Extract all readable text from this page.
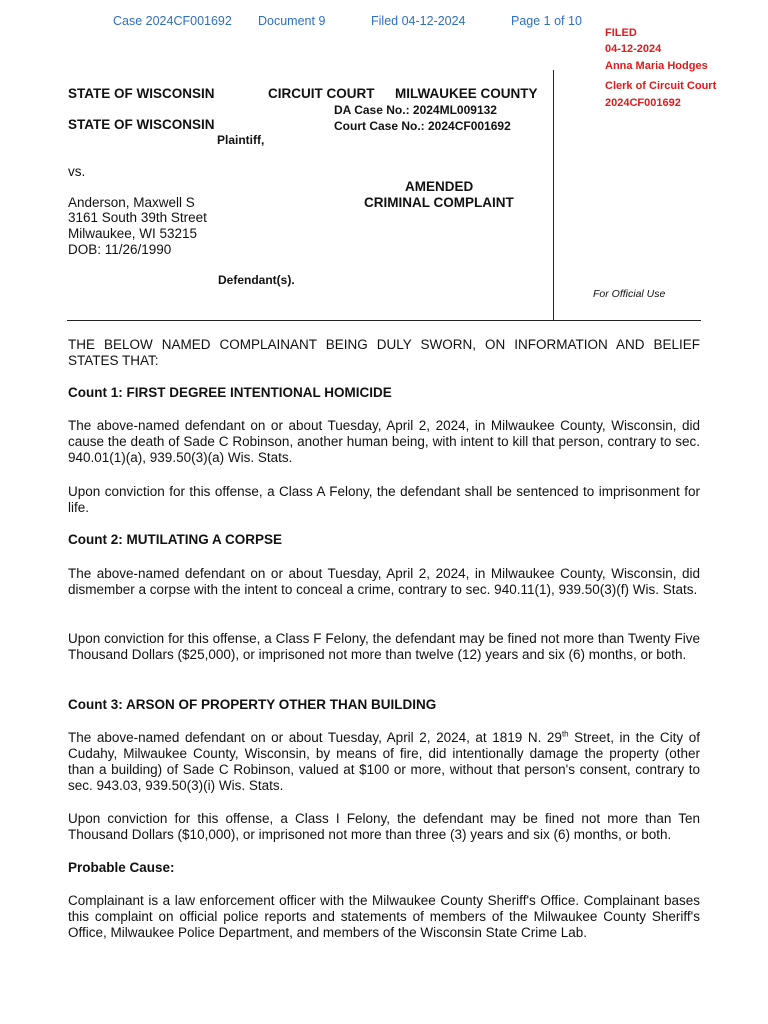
Case 2024CF001692 Document 9	Filed 04-12-2024	Page 1 of 10
FILED
04-12-2024
Anna Maria Hodges
Clerk of Circuit Court
2024CF001692
STATE OF WISCONSIN	CIRCUIT COURT MILWAUKEE COUNTY
DA Case No.: 2024ML009132
STATE OF WISCONSIN	Court Case No.: 2024CF001692
Plaintiff,
vs.
AMENDED
CRIMINAL COMPLAINT
Anderson, Maxwell S
3161 South 39th Street
Milwaukee, WI 53215
DOB: 11/26/1990
Defendant(s).
For Official Use

THE BELOW NAMED COMPLAINANT BEING DULY SWORN, ON INFORMATION AND BELIEF STATES THAT:

Count 1: FIRST DEGREE INTENTIONAL HOMICIDE

The above-named defendant on or about Tuesday, April 2, 2024, in Milwaukee County, Wisconsin, did cause the death of Sade C Robinson, another human being, with intent to kill that person, contrary to sec. 940.01(1)(a), 939.50(3)(a) Wis. Stats.

Upon conviction for this offense, a Class A Felony, the defendant shall be sentenced to imprisonment for life.

Count 2: MUTILATING A CORPSE

The above-named defendant on or about Tuesday, April 2, 2024, in Milwaukee County, Wisconsin, did dismember a corpse with the intent to conceal a crime, contrary to sec. 940.11(1), 939.50(3)(f) Wis. Stats.

Upon conviction for this offense, a Class F Felony, the defendant may be fined not more than Twenty Five Thousand Dollars ($25,000), or imprisoned not more than twelve (12) years and six (6) months, or both.

Count 3: ARSON OF PROPERTY OTHER THAN BUILDING

The above-named defendant on or about Tuesday, April 2, 2024, at 1819 N. 29th Street, in the City of Cudahy, Milwaukee County, Wisconsin, by means of fire, did intentionally damage the property (other than a building) of Sade C Robinson, valued at $100 or more, without that person's consent, contrary to sec. 943.03, 939.50(3)(i) Wis. Stats.

Upon conviction for this offense, a Class I Felony, the defendant may be fined not more than Ten Thousand Dollars ($10,000), or imprisoned not more than three (3) years and six (6) months, or both.

Probable Cause:

Complainant is a law enforcement officer with the Milwaukee County Sheriff's Office. Complainant bases this complaint on official police reports and statements of members of the Milwaukee County Sheriff's Office, Milwaukee Police Department, and members of the Wisconsin State Crime Lab.
